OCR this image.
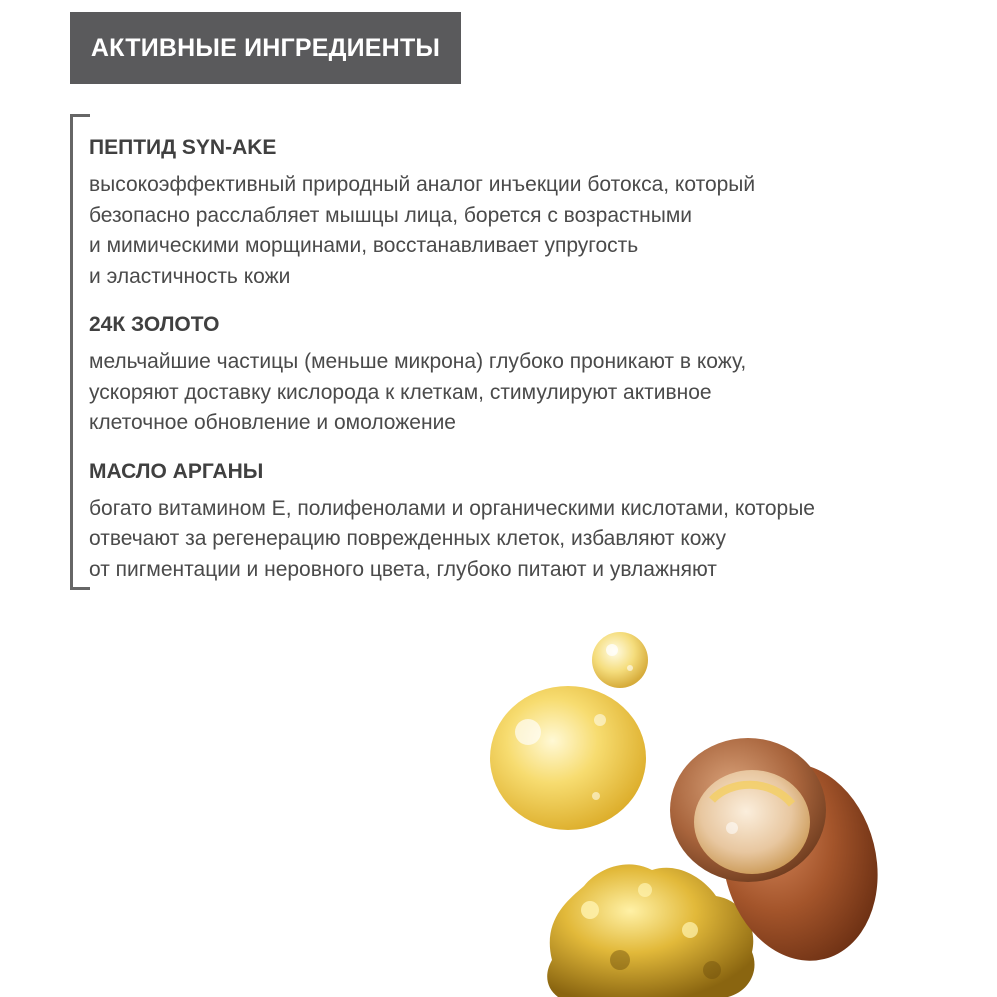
АКТИВНЫЕ ИНГРЕДИЕНТЫ
ПЕПТИД SYN-AKE

высокоэффективный природный аналог инъекции ботокса, который

безопасно расслабляет мышцы лица, борется с возрастными

и мимическими морщинами, восстанавливает упругость

и эластичность кожи

24К ЗОЛОТО

мельчайшие частицы (меньше микрона) глубоко проникают в кожу,

ускоряют доставку кислорода к клеткам, стимулируют активное

клеточное обновление и омоложение

МАСЛО АРГАНЫ

богато витамином Е, полифенолами и органическими кислотами, которые

отвечают за регенерацию поврежденных клеток, избавляют кожу

от пигментации и неровного цвета, глубоко питают и увлажняют
